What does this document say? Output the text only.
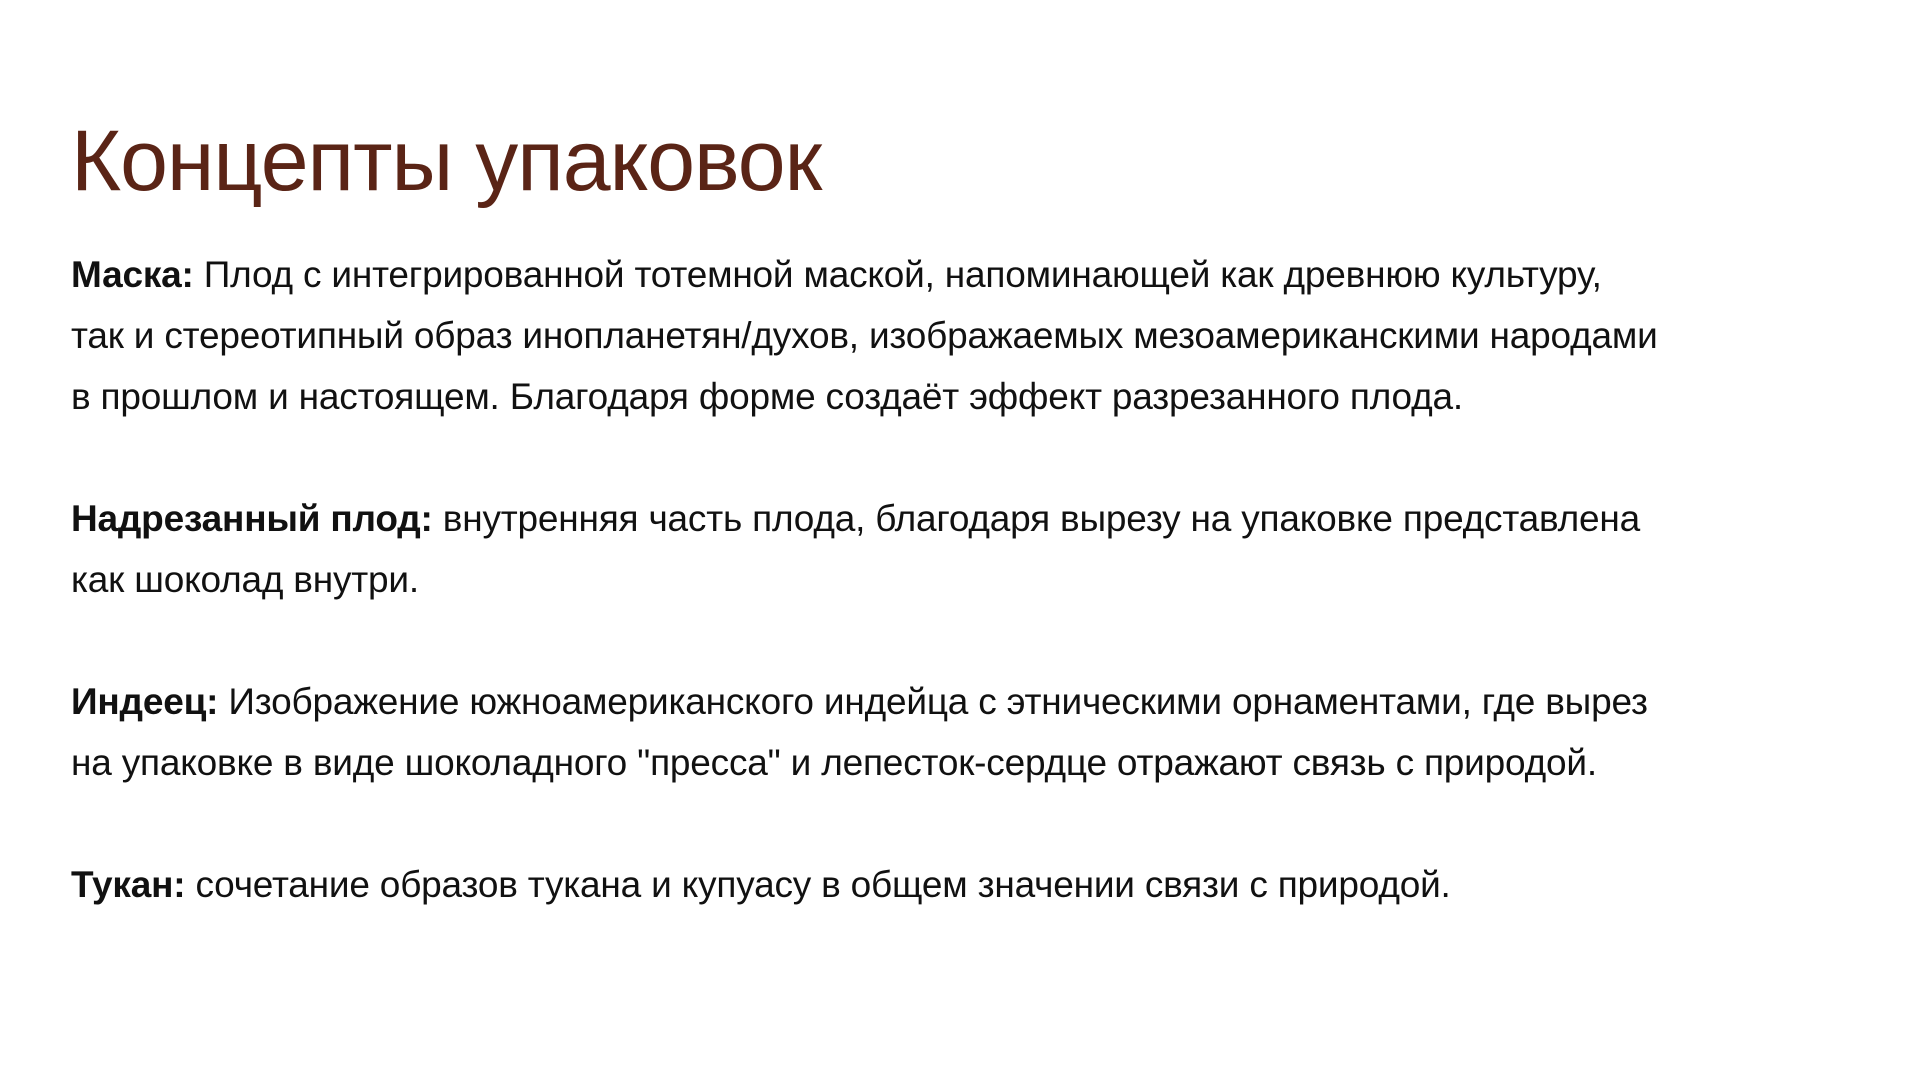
Концепты упаковок

Маска: Плод с интегрированной тотемной маской, напоминающей как древнюю культуру,
так и стереотипный образ инопланетян/духов, изображаемых мезоамериканскими народами
в прошлом и настоящем. Благодаря форме создаёт эффект разрезанного плода.

Надрезанный плод: внутренняя часть плода, благодаря вырезу на упаковке представлена
как шоколад внутри.

Индеец: Изображение южноамериканского индейца с этническими орнаментами, где вырез
на упаковке в виде шоколадного "пресса" и лепесток-сердце отражают связь с природой.

Тукан: сочетание образов тукана и купуасу в общем значении связи с природой.
